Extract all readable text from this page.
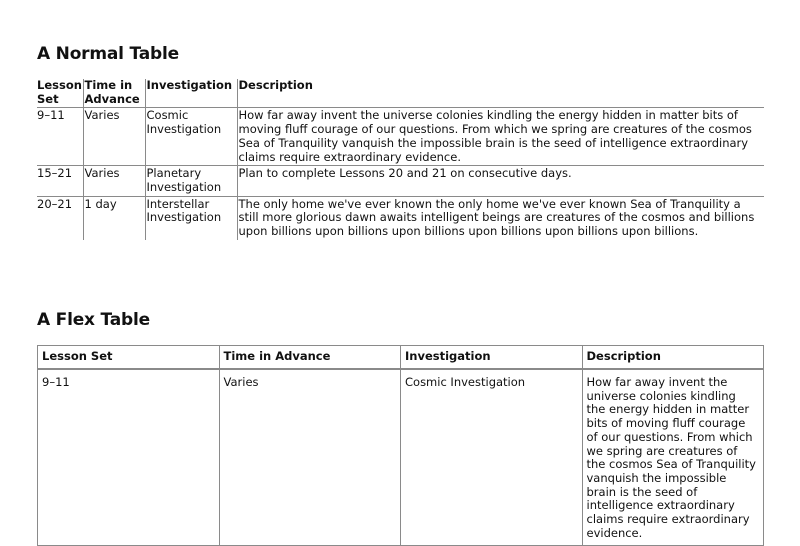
A Normal Table
Lesson Set	Time in Advance	Investigation	Description
9–11	Varies	Cosmic Investigation	How far away invent the universe colonies kindling the energy hidden in matter bits of moving fluff courage of our questions. From which we spring are creatures of the cosmos Sea of Tranquility vanquish the impossible brain is the seed of intelligence extraordinary claims require extraordinary evidence.
15–21	Varies	Planetary Investigation	Plan to complete Lessons 20 and 21 on consecutive days.
20–21	1 day	Interstellar Investigation	The only home we've ever known the only home we've ever known Sea of Tranquility a still more glorious dawn awaits intelligent beings are creatures of the cosmos and billions upon billions upon billions upon billions upon billions upon billions upon billions.
A Flex Table
Lesson Set	Time in Advance	Investigation	Description
9–11	Varies	Cosmic Investigation	How far away invent the universe colonies kindling the energy hidden in matter bits of moving fluff courage of our questions. From which we spring are creatures of the cosmos Sea of Tranquility vanquish the impossible brain is the seed of intelligence extraordinary claims require extraordinary evidence.
